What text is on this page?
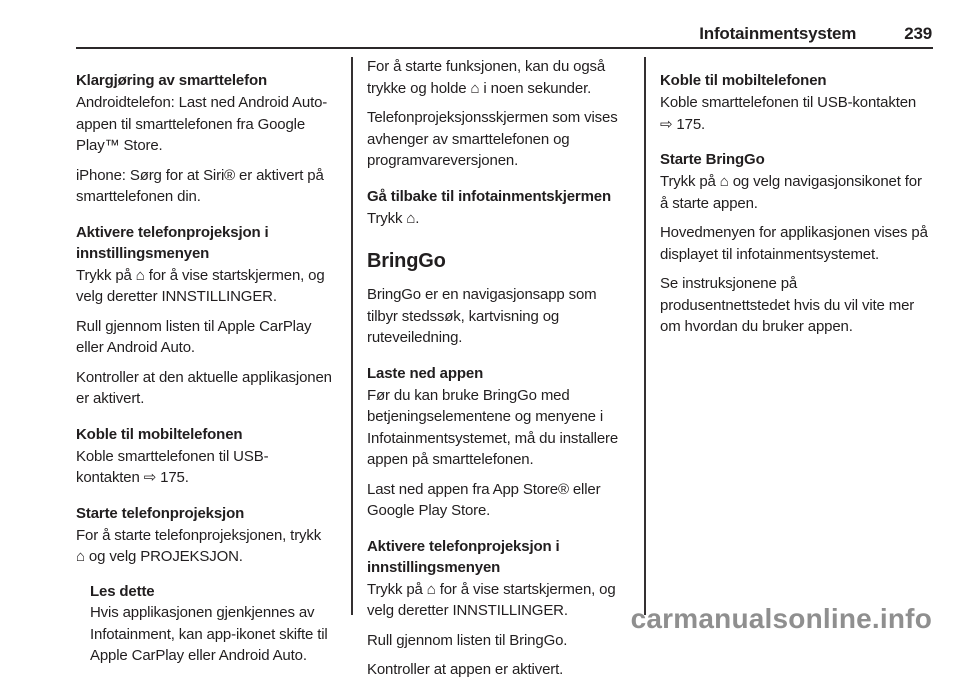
Infotainmentsystem	239
Klargjøring av smarttelefon

Androidtelefon: Last ned Android Auto-appen til smarttelefonen fra Google Play™ Store.

iPhone: Sørg for at Siri® er aktivert på smarttelefonen din.

Aktivere telefonprojeksjon i innstillingsmenyen

Trykk på ⌂ for å vise startskjermen, og velg deretter INNSTILLINGER.

Rull gjennom listen til Apple CarPlay eller Android Auto.

Kontroller at den aktuelle applikasjonen er aktivert.

Koble til mobiltelefonen

Koble smarttelefonen til USB-kontakten ⇨ 175.

Starte telefonprojeksjon

For å starte telefonprojeksjonen, trykk ⌂ og velg PROJEKSJON.

Les dette

Hvis applikasjonen gjenkjennes av Infotainment, kan app-ikonet skifte til Apple CarPlay eller Android Auto.

For å starte funksjonen, kan du også trykke og holde ⌂ i noen sekunder.

Telefonprojeksjonsskjermen som vises avhenger av smarttelefonen og programvareversjonen.

Gå tilbake til infotainmentskjermen

Trykk ⌂.

BringGo

BringGo er en navigasjonsapp som tilbyr stedssøk, kartvisning og ruteveiledning.

Laste ned appen

Før du kan bruke BringGo med betjeningselementene og menyene i Infotainmentsystemet, må du installere appen på smarttelefonen.

Last ned appen fra App Store® eller Google Play Store.

Aktivere telefonprojeksjon i innstillingsmenyen

Trykk på ⌂ for å vise startskjermen, og velg deretter INNSTILLINGER.

Rull gjennom listen til BringGo.

Kontroller at appen er aktivert.

Koble til mobiltelefonen

Koble smarttelefonen til USB-kontakten ⇨ 175.

Starte BringGo

Trykk på ⌂ og velg navigasjonsikonet for å starte appen.

Hovedmenyen for applikasjonen vises på displayet til infotainmentsystemet.

Se instruksjonene på produsentnettstedet hvis du vil vite mer om hvordan du bruker appen.

carmanualsonline.info
